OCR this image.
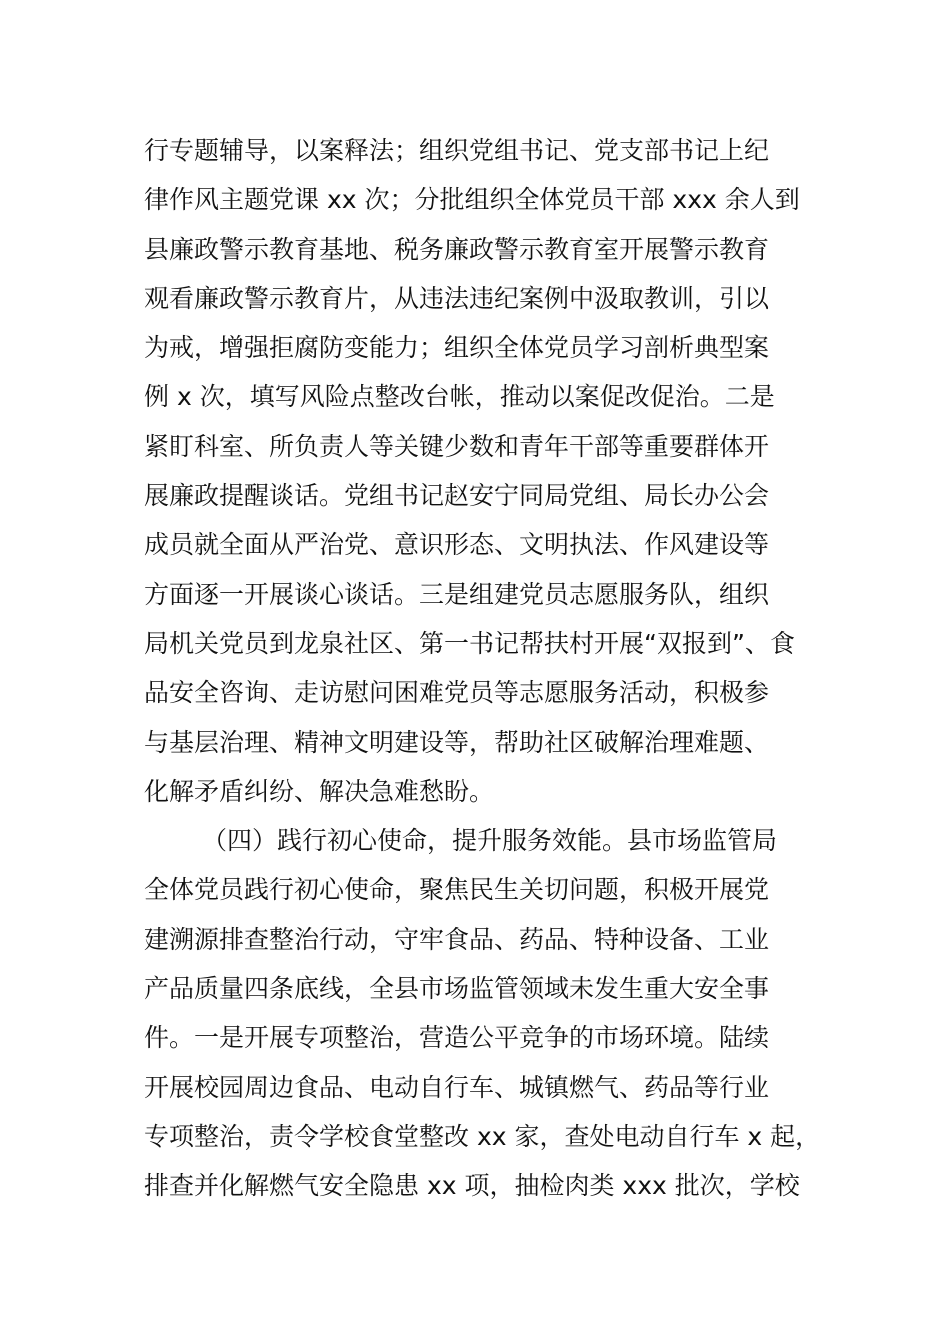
行专题辅导，以案释法；组织党组书记、党支部书记上纪
律作风主题党课 xx 次；分批组织全体党员干部 xxx 余人到
县廉政警示教育基地、税务廉政警示教育室开展警示教育
观看廉政警示教育片，从违法违纪案例中汲取教训，引以
为戒，增强拒腐防变能力；组织全体党员学习剖析典型案
例 x 次，填写风险点整改台帐，推动以案促改促治。二是
紧盯科室、所负责人等关键少数和青年干部等重要群体开
展廉政提醒谈话。党组书记赵安宁同局党组、局长办公会
成员就全面从严治党、意识形态、文明执法、作风建设等
方面逐一开展谈心谈话。三是组建党员志愿服务队，组织
局机关党员到龙泉社区、第一书记帮扶村开展“双报到”、食
品安全咨询、走访慰问困难党员等志愿服务活动，积极参
与基层治理、精神文明建设等，帮助社区破解治理难题、
化解矛盾纠纷、解决急难愁盼。
（四）践行初心使命，提升服务效能。县市场监管局
全体党员践行初心使命，聚焦民生关切问题，积极开展党
建溯源排查整治行动，守牢食品、药品、特种设备、工业
产品质量四条底线，全县市场监管领域未发生重大安全事
件。一是开展专项整治，营造公平竞争的市场环境。陆续
开展校园周边食品、电动自行车、城镇燃气、药品等行业
专项整治，责令学校食堂整改 xx 家，查处电动自行车 x 起，
排查并化解燃气安全隐患 xx 项，抽检肉类 xxx 批次，学校
